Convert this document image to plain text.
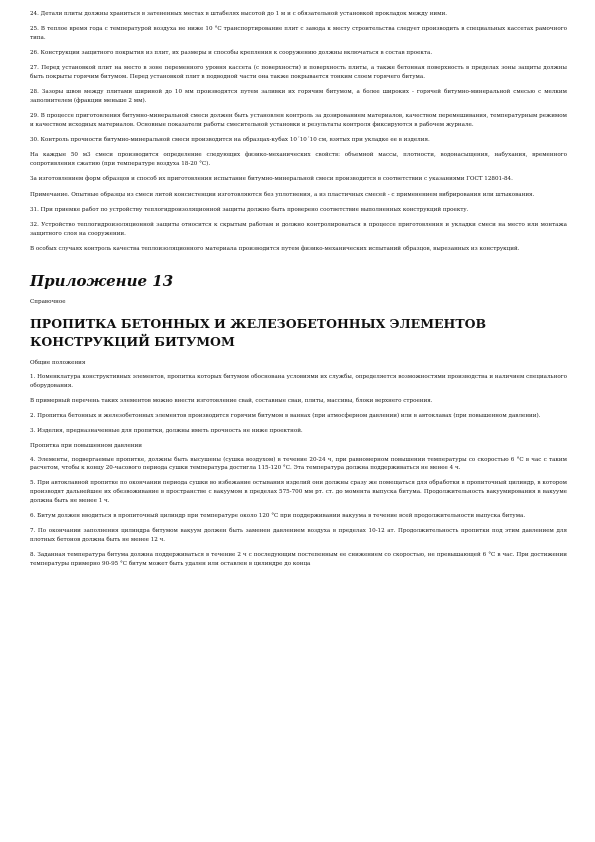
24. Детали плиты должны храниться в затененных местах в штабелях высотой до 1 м и с обязательной установкой прокладок между ними.
25. В теплое время года с температурой воздуха не ниже 10 °С транспортирование плит с завода к месту строительства следует производить в специальных кассетах рамочного типа.
26. Конструкции защитного покрытия из плит, их размеры и способы крепления к сооружению должны включаться в состав проекта.
27. Перед установкой плит на место в зоне переменного уровня кассета (с поверхности) и поверхность плиты, а также бетонная поверхность в пределах зоны защиты должны быть покрыты горячим битумом. Перед установкой плит в подводной части она также покрывается тонким слоем горячего битума.
28. Зазоры швов между плитами шириной до 10 мм производятся путем заливки их горячим битумом, а более широких - горячей битумно-минеральной смесью с мелким заполнителем (фракции меньше 2 мм).
29. В процессе приготовления битумно-минеральной смеси должен быть установлен контроль за дозированием материалов, качеством перемешивания, температурным режимом и качеством исходных материалов. Основные показатели работы смесительной установки и результаты контроля фиксируются в рабочем журнале.
30. Контроль прочности битумно-минеральной смеси производится на образцах-кубах 10´10´10 см, взятых при укладке ее в изделия.
На каждые 50 м3 смеси производится определение следующих физико-механических свойств: объемной массы, плотности, водонасыщения, набухания, временного сопротивления сжатию (при температуре воздуха 18-20 °С).
За изготовлением форм образцов и способ их приготовления испытание битумно-минеральной смеси производится в соответствии с указаниями ГОСТ 12801-84.
Примечание. Опытные образцы из смеси литой консистенции изготовляются без уплотнения, а из пластичных смесей - с применением вибрирования или штыкования.
31. При приемке работ по устройству теплогидроизоляционной защиты должно быть проверено соответствие выполненных конструкций проекту.
32. Устройство теплогидроизоляционной защиты относится к скрытым работам и должно контролироваться в процессе приготовления и укладки смеси на место или монтажа защитного слоя на сооружении.
В особых случаях контроль качества теплоизоляционного материала производится путем физико-механических испытаний образцов, вырезанных из конструкций.
Приложение 13
Справочное
ПРОПИТКА БЕТОННЫХ И ЖЕЛЕЗОБЕТОННЫХ ЭЛЕМЕНТОВ КОНСТРУКЦИЙ БИТУМОМ
Общие положения
1. Номенклатура конструктивных элементов, пропитка которых битумом обоснована условиями их службы, определяется возможностями производства и наличием специального оборудования.
В примерный перечень таких элементов можно внести изготовление свай, составные сваи, плиты, массивы, блоки верхнего строения.
2. Пропитка бетонных и железобетонных элементов производится горячим битумом в ваннах (при атмосферном давлении) или в автоклавах (при повышенном давлении).
3. Изделия, предназначенные для пропитки, должны иметь прочность не ниже проектной.
Пропитка при повышенном давлении
4. Элементы, подвергаемые пропитке, должны быть высушены (сушка воздухом) в течение 20-24 ч, при равномерном повышении температуры со скоростью 6 °С в час с таким расчетом, чтобы к концу 20-часового периода сушки температура достигла 115-120 °С. Эта температура должна поддерживаться не менее 4 ч.
5. При автоклавной пропитке по окончании периода сушки во избежание остывания изделий они должны сразу же помещаться для обработки в пропиточный цилиндр, в котором производят дальнейшее их обезвоживание в пространстве с вакуумом в пределах 575-700 мм рт. ст. до момента выпуска битума. Продолжительность вакуумирования в вакууме должна быть не менее 1 ч.
6. Битум должен вводиться в пропиточный цилиндр при температуре около 120 °С при поддерживании вакуума в течение всей продолжительности выпуска битума.
7. По окончании заполнения цилиндра битумом вакуум должен быть заменен давлением воздуха в пределах 10-12 ат. Продолжительность пропитки под этим давлением для плотных бетонов должна быть не менее 12 ч.
8. Заданная температура битума должна поддерживаться в течение 2 ч с последующим постепенным ее снижением со скоростью, не превышающей 6 °С в час. При достижении температуры примерно 90-95 °С битум может быть удален или оставлен в цилиндре до конца
